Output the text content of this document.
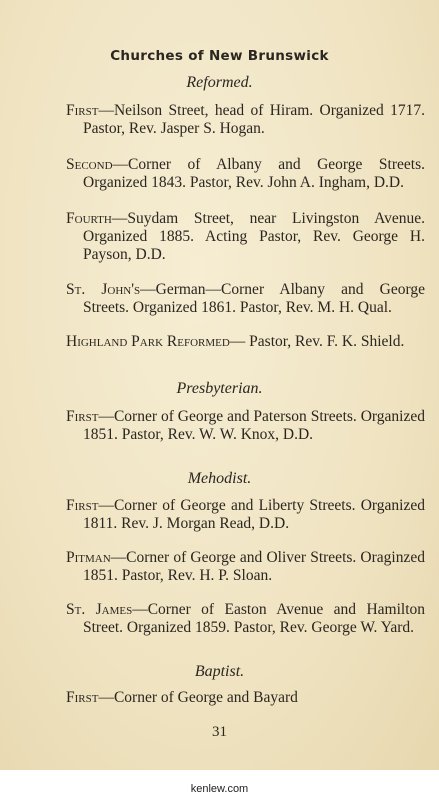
Churches of New Brunswick
Reformed.
First—Neilson Street, head of Hiram. Organized 1717. Pastor, Rev. Jasper S. Hogan.
Second—Corner of Albany and George Streets. Organized 1843. Pastor, Rev. John A. Ingham, D.D.
Fourth—Suydam Street, near Livingston Avenue. Organized 1885. Acting Pastor, Rev. George H. Payson, D.D.
St. John's—German—Corner Albany and George Streets. Organized 1861. Pastor, Rev. M. H. Qual.
Highland Park Reformed— Pastor, Rev. F. K. Shield.
Presbyterian.
First—Corner of George and Paterson Streets. Organized 1851. Pastor, Rev. W. W. Knox, D.D.
Mehodist.
First—Corner of George and Liberty Streets. Organized 1811. Rev. J. Morgan Read, D.D.
Pitman—Corner of George and Oliver Streets. Oraginzed 1851. Pastor, Rev. H. P. Sloan.
St. James—Corner of Easton Avenue and Hamilton Street. Organized 1859. Pastor, Rev. George W. Yard.
Baptist.
First—Corner of George and Bayard
31
kenlew.com
